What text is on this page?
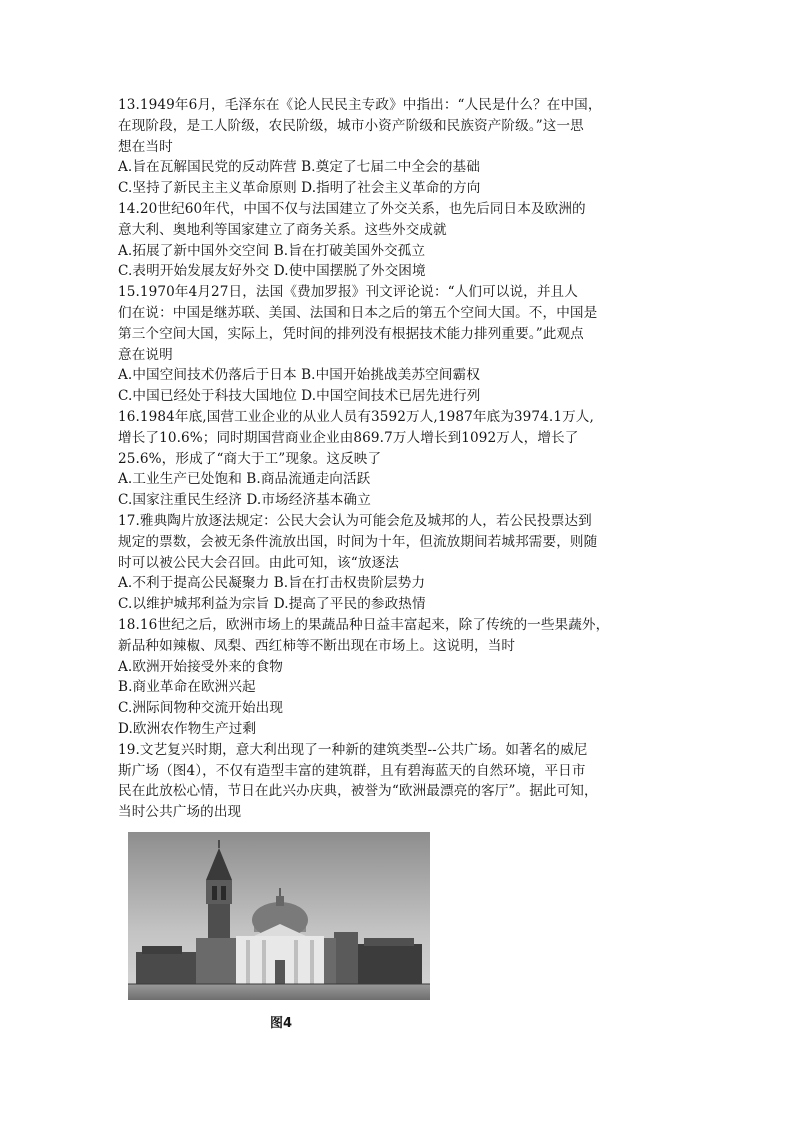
13.1949年6月，毛泽东在《论人民民主专政》中指出：“人民是什么？在中国，
在现阶段，是工人阶级，农民阶级，城市小资产阶级和民族资产阶级。”这一思
想在当时
A.旨在瓦解国民党的反动阵营 B.奠定了七届二中全会的基础
C.坚持了新民主主义革命原则 D.指明了社会主义革命的方向
14.20世纪60年代，中国不仅与法国建立了外交关系，也先后同日本及欧洲的
意大利、奥地利等国家建立了商务关系。这些外交成就
A.拓展了新中国外交空间 B.旨在打破美国外交孤立
C.表明开始发展友好外交 D.使中国摆脱了外交困境
15.1970年4月27日，法国《费加罗报》刊文评论说：“人们可以说，并且人
们在说：中国是继苏联、美国、法国和日本之后的第五个空间大国。不，中国是
第三个空间大国，实际上，凭时间的排列没有根据技术能力排列重要。”此观点
意在说明
A.中国空间技术仍落后于日本 B.中国开始挑战美苏空间霸权
C.中国已经处于科技大国地位 D.中国空间技术已居先进行列
16.1984年底,国营工业企业的从业人员有3592万人,1987年底为3974.1万人,
增长了10.6%；同时期国营商业企业由869.7万人增长到1092万人，增长了
25.6%，形成了“商大于工”现象。这反映了
A.工业生产已处饱和 B.商品流通走向活跃
C.国家注重民生经济 D.市场经济基本确立
17.雅典陶片放逐法规定：公民大会认为可能会危及城邦的人，若公民投票达到
规定的票数，会被无条件流放出国，时间为十年，但流放期间若城邦需要，则随
时可以被公民大会召回。由此可知，该“放逐法
A.不利于提高公民凝聚力 B.旨在打击权贵阶层势力
C.以维护城邦利益为宗旨 D.提高了平民的参政热情
18.16世纪之后，欧洲市场上的果蔬品种日益丰富起来，除了传统的一些果蔬外，
新品种如辣椒、凤梨、西红柿等不断出现在市场上。这说明，当时
A.欧洲开始接受外来的食物
B.商业革命在欧洲兴起
C.洲际间物种交流开始出现
D.欧洲农作物生产过剩
19.文艺复兴时期，意大利出现了一种新的建筑类型--公共广场。如著名的威尼
斯广场（图4），不仅有造型丰富的建筑群，且有碧海蓝天的自然环境，平日市
民在此放松心情，节日在此兴办庆典，被誉为“欧洲最漂亮的客厅”。据此可知，
当时公共广场的出现
图4
